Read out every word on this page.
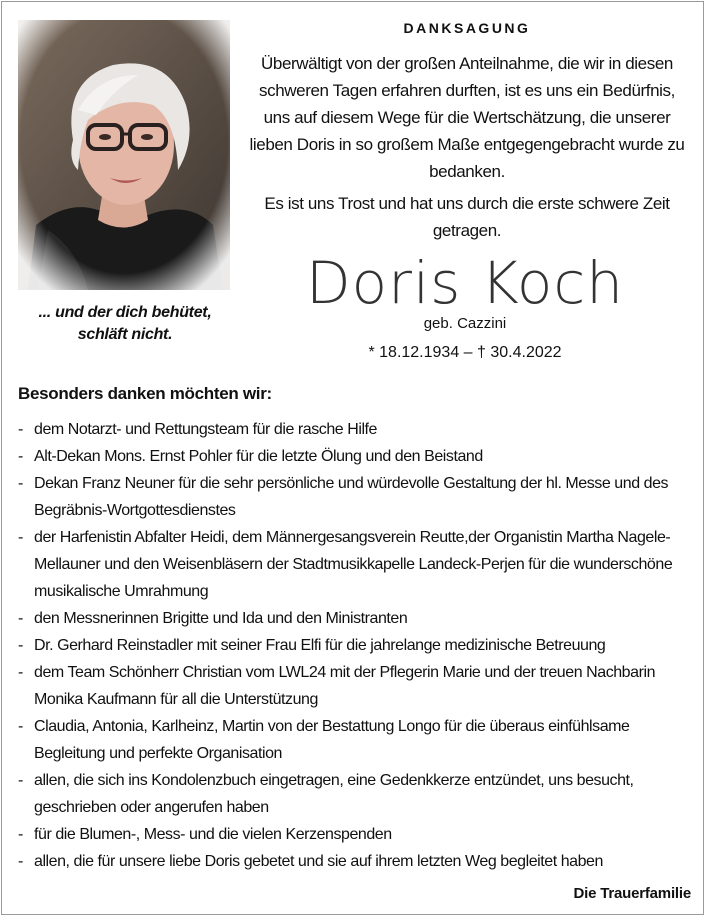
... und der dich behütet,
schläft nicht.
DANKSAGUNG

Überwältigt von der großen Anteilnahme, die wir in diesen schweren Tagen erfahren durften, ist es uns ein Bedürfnis, uns auf diesem Wege für die Wertschätzung, die unserer lieben Doris in so großem Maße entgegengebracht wurde zu bedanken.

Es ist uns Trost und hat uns durch die erste schwere Zeit getragen.

Doris Koch
geb. Cazzini
* 18.12.1934 – † 30.4.2022
Besonders danken möchten wir:
- dem Notarzt- und Rettungsteam für die rasche Hilfe
- Alt-Dekan Mons. Ernst Pohler für die letzte Ölung und den Beistand
- Dekan Franz Neuner für die sehr persönliche und würdevolle Gestaltung der hl. Messe und des Begräbnis-Wortgottesdienstes
- der Harfenistin Abfalter Heidi, dem Männergesangsverein Reutte,der Organistin Martha Nagele-Mellauner und den Weisenbläsern der Stadtmusikkapelle Landeck-Perjen für die wunderschöne musikalische Umrahmung
- den Messnerinnen Brigitte und Ida und den Ministranten
- Dr. Gerhard Reinstadler mit seiner Frau Elfi für die jahrelange medizinische Betreuung
- dem Team Schönherr Christian vom LWL24 mit der Pflegerin Marie und der treuen Nachbarin Monika Kaufmann für all die Unterstützung
- Claudia, Antonia, Karlheinz, Martin von der Bestattung Longo für die überaus einfühlsame Begleitung und perfekte Organisation
- allen, die sich ins Kondolenzbuch eingetragen, eine Gedenkkerze entzündet, uns besucht, geschrieben oder angerufen haben
- für die Blumen-, Mess- und die vielen Kerzenspenden
- allen, die für unsere liebe Doris gebetet und sie auf ihrem letzten Weg begleitet haben
Die Trauerfamilie
